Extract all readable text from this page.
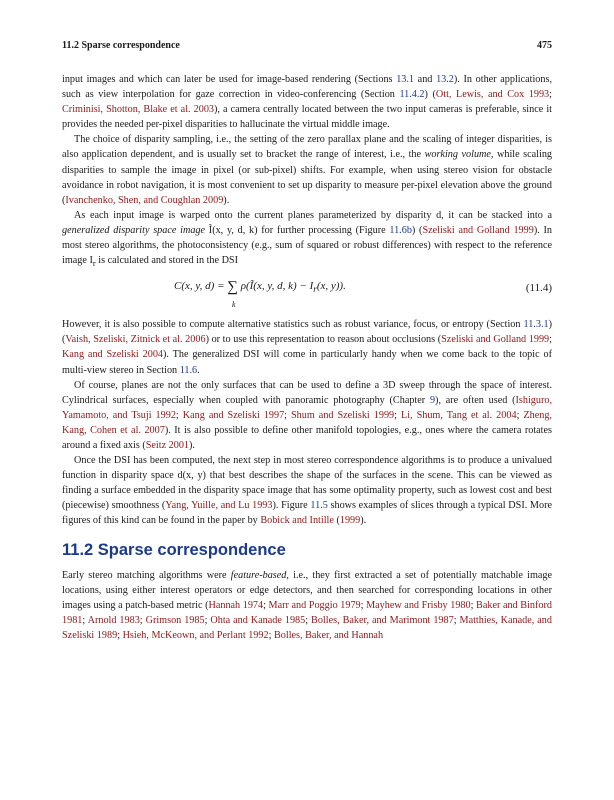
11.2 Sparse correspondence	475

input images and which can later be used for image-based rendering (Sections 13.1 and 13.2). In other applications, such as view interpolation for gaze correction in video-conferencing (Section 11.4.2) (Ott, Lewis, and Cox 1993; Criminisi, Shotton, Blake et al. 2003), a camera centrally located between the two input cameras is preferable, since it provides the needed per-pixel disparities to hallucinate the virtual middle image.

The choice of disparity sampling, i.e., the setting of the zero parallax plane and the scaling of integer disparities, is also application dependent, and is usually set to bracket the range of interest, i.e., the working volume, while scaling disparities to sample the image in pixel (or sub-pixel) shifts. For example, when using stereo vision for obstacle avoidance in robot navigation, it is most convenient to set up disparity to measure per-pixel elevation above the ground (Ivanchenko, Shen, and Coughlan 2009).

As each input image is warped onto the current planes parameterized by disparity d, it can be stacked into a generalized disparity space image Ĩ(x, y, d, k) for further processing (Figure 11.6b) (Szeliski and Golland 1999). In most stereo algorithms, the photoconsistency (e.g., sum of squared or robust differences) with respect to the reference image $I_r$ is calculated and stored in the DSI

C(x, y, d) = ∑ ρ(Ĩ(x, y, d, $k) - I_r(x$, y)).
k
(11.4)

However, it is also possible to compute alternative statistics such as robust variance, focus, or entropy (Section 11.3.1) (Vaish, Szeliski, Zitnick et al. 2006) or to use this representation to reason about occlusions (Szeliski and Golland 1999; Kang and Szeliski 2004). The generalized DSI will come in particularly handy when we come back to the topic of multi-view stereo in Section 11.6.

Of course, planes are not the only surfaces that can be used to define a 3D sweep through the space of interest. Cylindrical surfaces, especially when coupled with panoramic photography (Chapter 9), are often used (Ishiguro, Yamamoto, and Tsuji 1992; Kang and Szeliski 1997; Shum and Szeliski 1999; Li, Shum, Tang et al. 2004; Zheng, Kang, Cohen et al. 2007). It is also possible to define other manifold topologies, e.g., ones where the camera rotates around a fixed axis (Seitz 2001).

Once the DSI has been computed, the next step in most stereo correspondence algorithms is to produce a univalued function in disparity space d(x, y) that best describes the shape of the surfaces in the scene. This can be viewed as finding a surface embedded in the disparity space image that has some optimality property, such as lowest cost and best (piecewise) smoothness (Yang, Yuille, and Lu 1993). Figure 11.5 shows examples of slices through a typical DSI. More figures of this kind can be found in the paper by Bobick and Intille (1999).

11.2 Sparse correspondence

Early stereo matching algorithms were feature-based, i.e., they first extracted a set of potentially matchable image locations, using either interest operators or edge detectors, and then searched for corresponding locations in other images using a patch-based metric (Hannah 1974; Marr and Poggio 1979; Mayhew and Frisby 1980; Baker and Binford 1981; Arnold 1983; Grimson 1985; Ohta and Kanade 1985; Bolles, Baker, and Marimont 1987; Matthies, Kanade, and Szeliski 1989; Hsieh, McKeown, and Perlant 1992; Bolles, Baker, and Hannah
